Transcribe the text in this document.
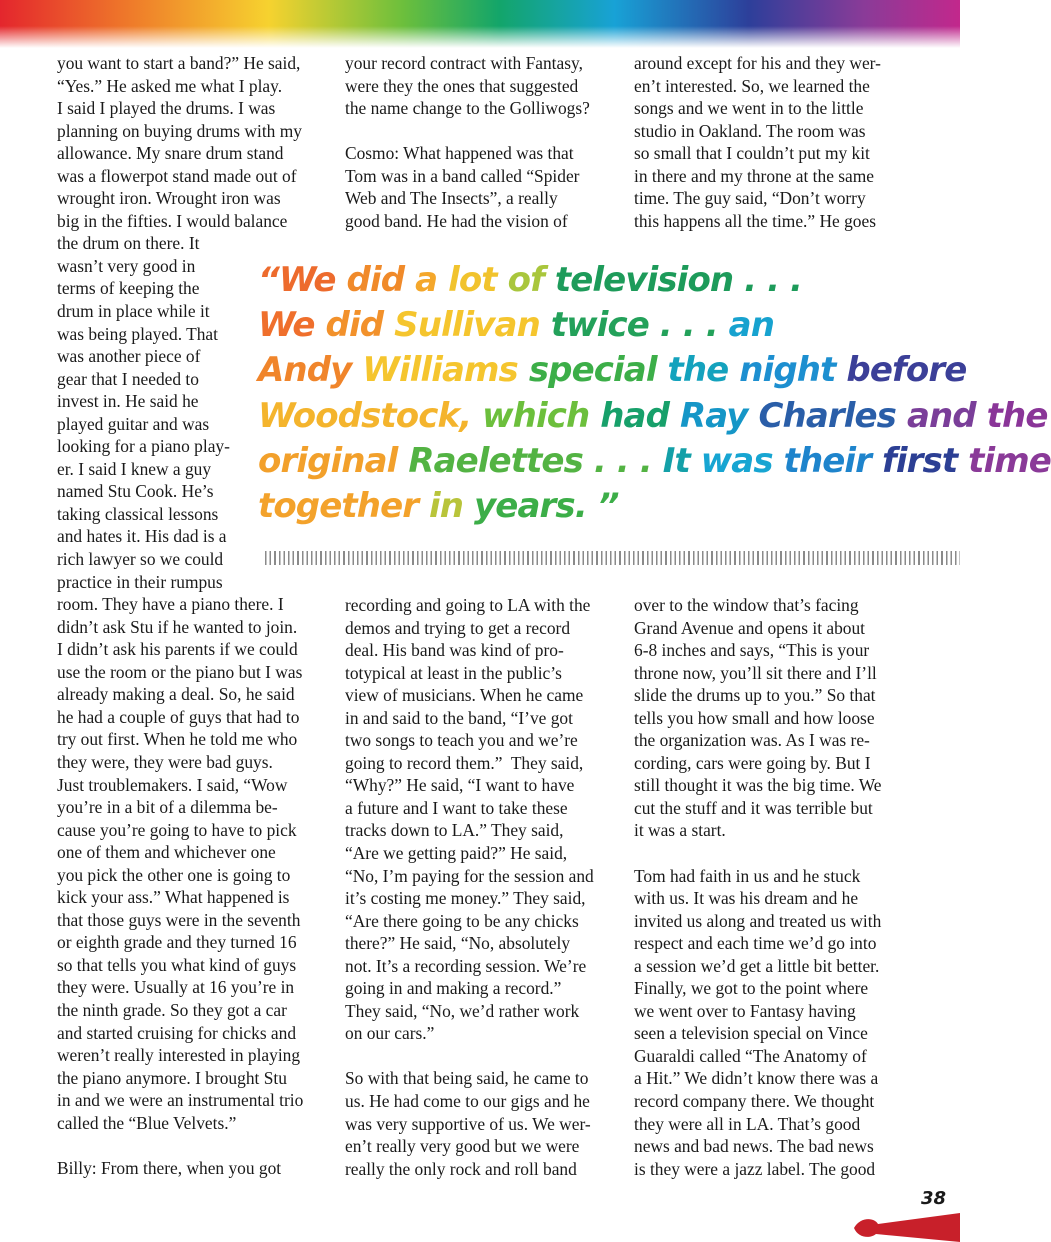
you want to start a band?” He said,

“Yes.” He asked me what I play.

I said I played the drums. I was

planning on buying drums with my

allowance. My snare drum stand

was a flowerpot stand made out of

wrought iron. Wrought iron was

big in the fifties. I would balance

the drum on there. It

wasn’t very good in

terms of keeping the

drum in place while it

was being played. That

was another piece of

gear that I needed to

invest in. He said he

played guitar and was

looking for a piano play-

er. I said I knew a guy

named Stu Cook. He’s

taking classical lessons

and hates it. His dad is a

rich lawyer so we could

practice in their rumpus

room. They have a piano there. I

didn’t ask Stu if he wanted to join.

I didn’t ask his parents if we could

use the room or the piano but I was

already making a deal. So, he said

he had a couple of guys that had to

try out first. When he told me who

they were, they were bad guys.

Just troublemakers. I said, “Wow

you’re in a bit of a dilemma be-

cause you’re going to have to pick

one of them and whichever one

you pick the other one is going to

kick your ass.” What happened is

that those guys were in the seventh

or eighth grade and they turned 16

so that tells you what kind of guys

they were. Usually at 16 you’re in

the ninth grade. So they got a car

and started cruising for chicks and

weren’t really interested in playing

the piano anymore. I brought Stu

in and we were an instrumental trio

called the “Blue Velvets.”

Billy: From there, when you got

your record contract with Fantasy,

were they the ones that suggested

the name change to the Golliwogs?

Cosmo: What happened was that

Tom was in a band called “Spider

Web and The Insects”, a really

good band. He had the vision of

recording and going to LA with the

demos and trying to get a record

deal. His band was kind of pro-

totypical at least in the public’s

view of musicians. When he came

in and said to the band, “I’ve got

two songs to teach you and we’re

going to record them.”  They said,

“Why?” He said, “I want to have

a future and I want to take these

tracks down to LA.” They said,

“Are we getting paid?” He said,

“No, I’m paying for the session and

it’s costing me money.” They said,

“Are there going to be any chicks

there?” He said, “No, absolutely

not. It’s a recording session. We’re

going in and making a record.”

They said, “No, we’d rather work

on our cars.”

So with that being said, he came to

us. He had come to our gigs and he

was very supportive of us. We wer-

en’t really very good but we were

really the only rock and roll band

around except for his and they wer-

en’t interested. So, we learned the

songs and we went in to the little

studio in Oakland. The room was

so small that I couldn’t put my kit

in there and my throne at the same

time. The guy said, “Don’t worry

this happens all the time.” He goes

over to the window that’s facing

Grand Avenue and opens it about

6-8 inches and says, “This is your

throne now, you’ll sit there and I’ll

slide the drums up to you.” So that

tells you how small and how loose

the organization was. As I was re-

cording, cars were going by. But I

still thought it was the big time. We

cut the stuff and it was terrible but

it was a start.

Tom had faith in us and he stuck

with us. It was his dream and he

invited us along and treated us with

respect and each time we’d go into

a session we’d get a little bit better.

Finally, we got to the point where

we went over to Fantasy having

seen a television special on Vince

Guaraldi called “The Anatomy of

a Hit.” We didn’t know there was a

record company there. We thought

they were all in LA. That’s good

news and bad news. The bad news

is they were a jazz label. The good

“We did a lot of television . . .
We did Sullivan twice . . . an
Andy Williams special the night before
Woodstock, which had Ray Charles and the
original Raelettes . . . It was their first time
together in years. ”
38
